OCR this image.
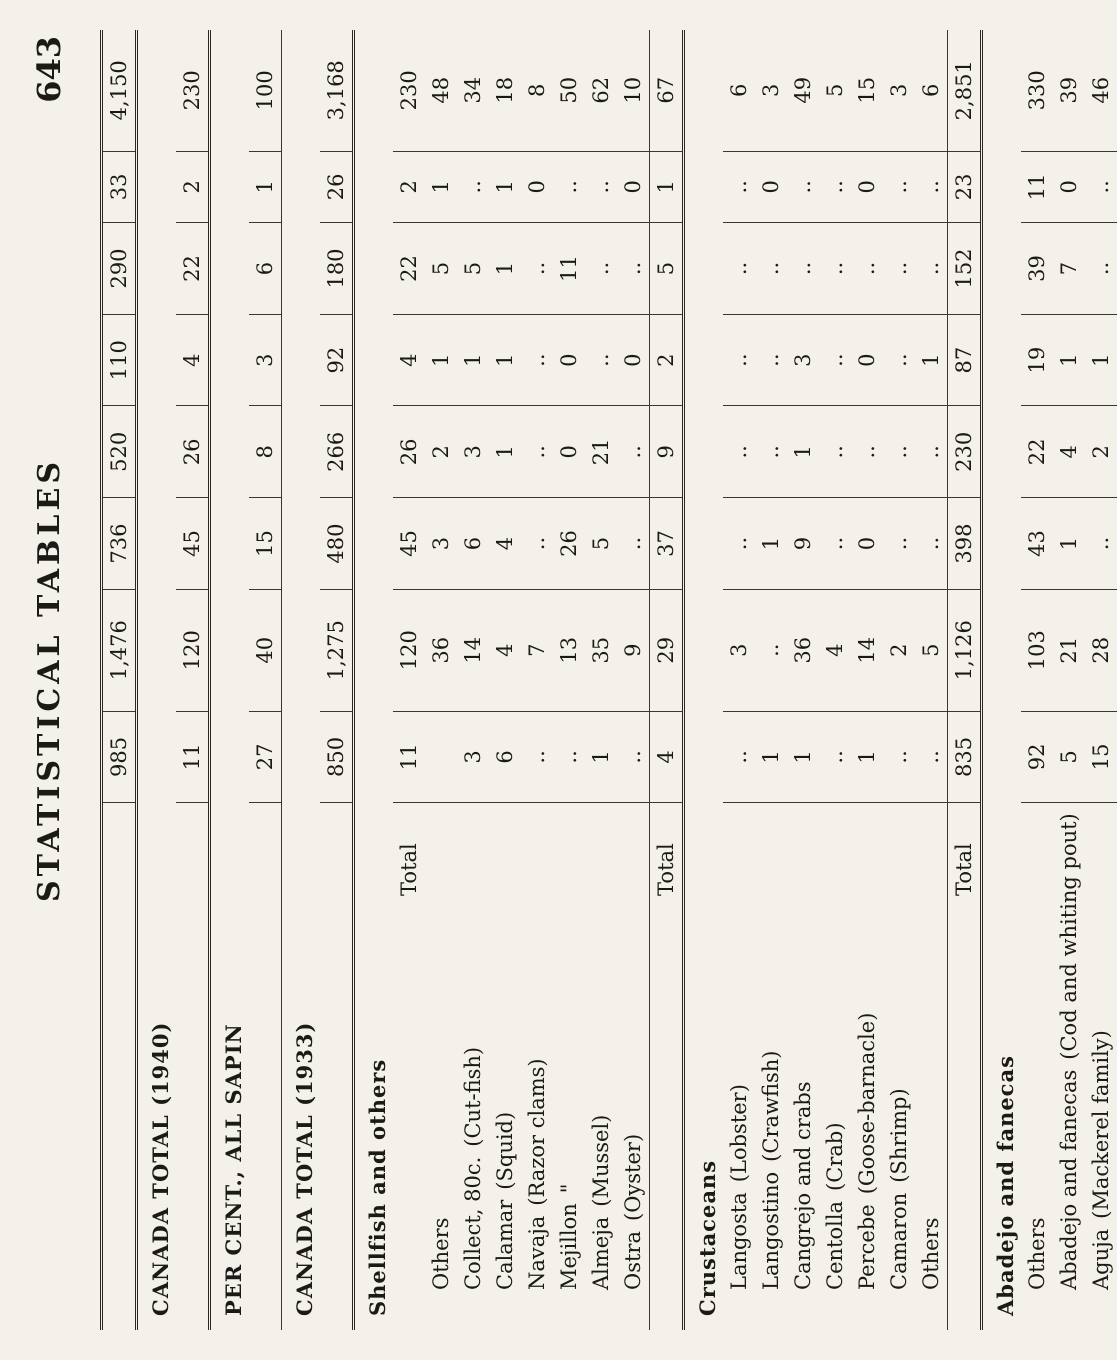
STATISTICAL TABLES
643
	985	1,476	736	520	110	290	33	4,150
CANADA TOTAL (1940)								
	11	120	45	26	4	22	2	230
PER CENT., ALL SAPIN								
	27	40	15	8	3	6	1	100
CANADA TOTAL (1933)								
	850	1,275	480	266	92	180	26	3,168
Shellfish and others								
Total	11	120	45	26	4	22	2	230
Others		36	3	2	1	5	1	48
Collect, 80c.(Cut-fish)	3	14	6	3	1	5	..	34
Calamar(Squid)	6	4	4	1	1	1	1	18
Navaja(Razor clams)	..	7	..	..	..	..	0	8
Mejillon"	..	13	26	0	0	11	..	50
Almeja(Mussel)	1	35	5	21	..	..	..	62
Ostra(Oyster)	..	9	..	..	0	..	0	10
Total	4	29	37	9	2	5	1	67
Crustaceans								
Langosta(Lobster)	..	3	..	..	..	..	..	6
Langostino(Crawfish)	1	..	1	..	..	..	0	3
Cangrejo and crabs	1	36	9	1	3	..	..	49
Centolla(Crab)	..	4	..	..	..	..	..	5
Percebe(Goose-barnacle)	1	14	0	..	0	..	0	15
Camaron(Shrimp)	..	2	..	..	..	..	..	3
Others	..	5	..	..	1	..	..	6
Total	835	1,126	398	230	87	152	23	2,851
Abadejo and fanecas								
Others	92	103	43	22	19	39	11	330
Abadejo and fanecas(Cod and whiting pout)	5	21	1	4	1	7	0	39
Aguja(Mackerel family)	15	28	..	2	1	..	..	46
